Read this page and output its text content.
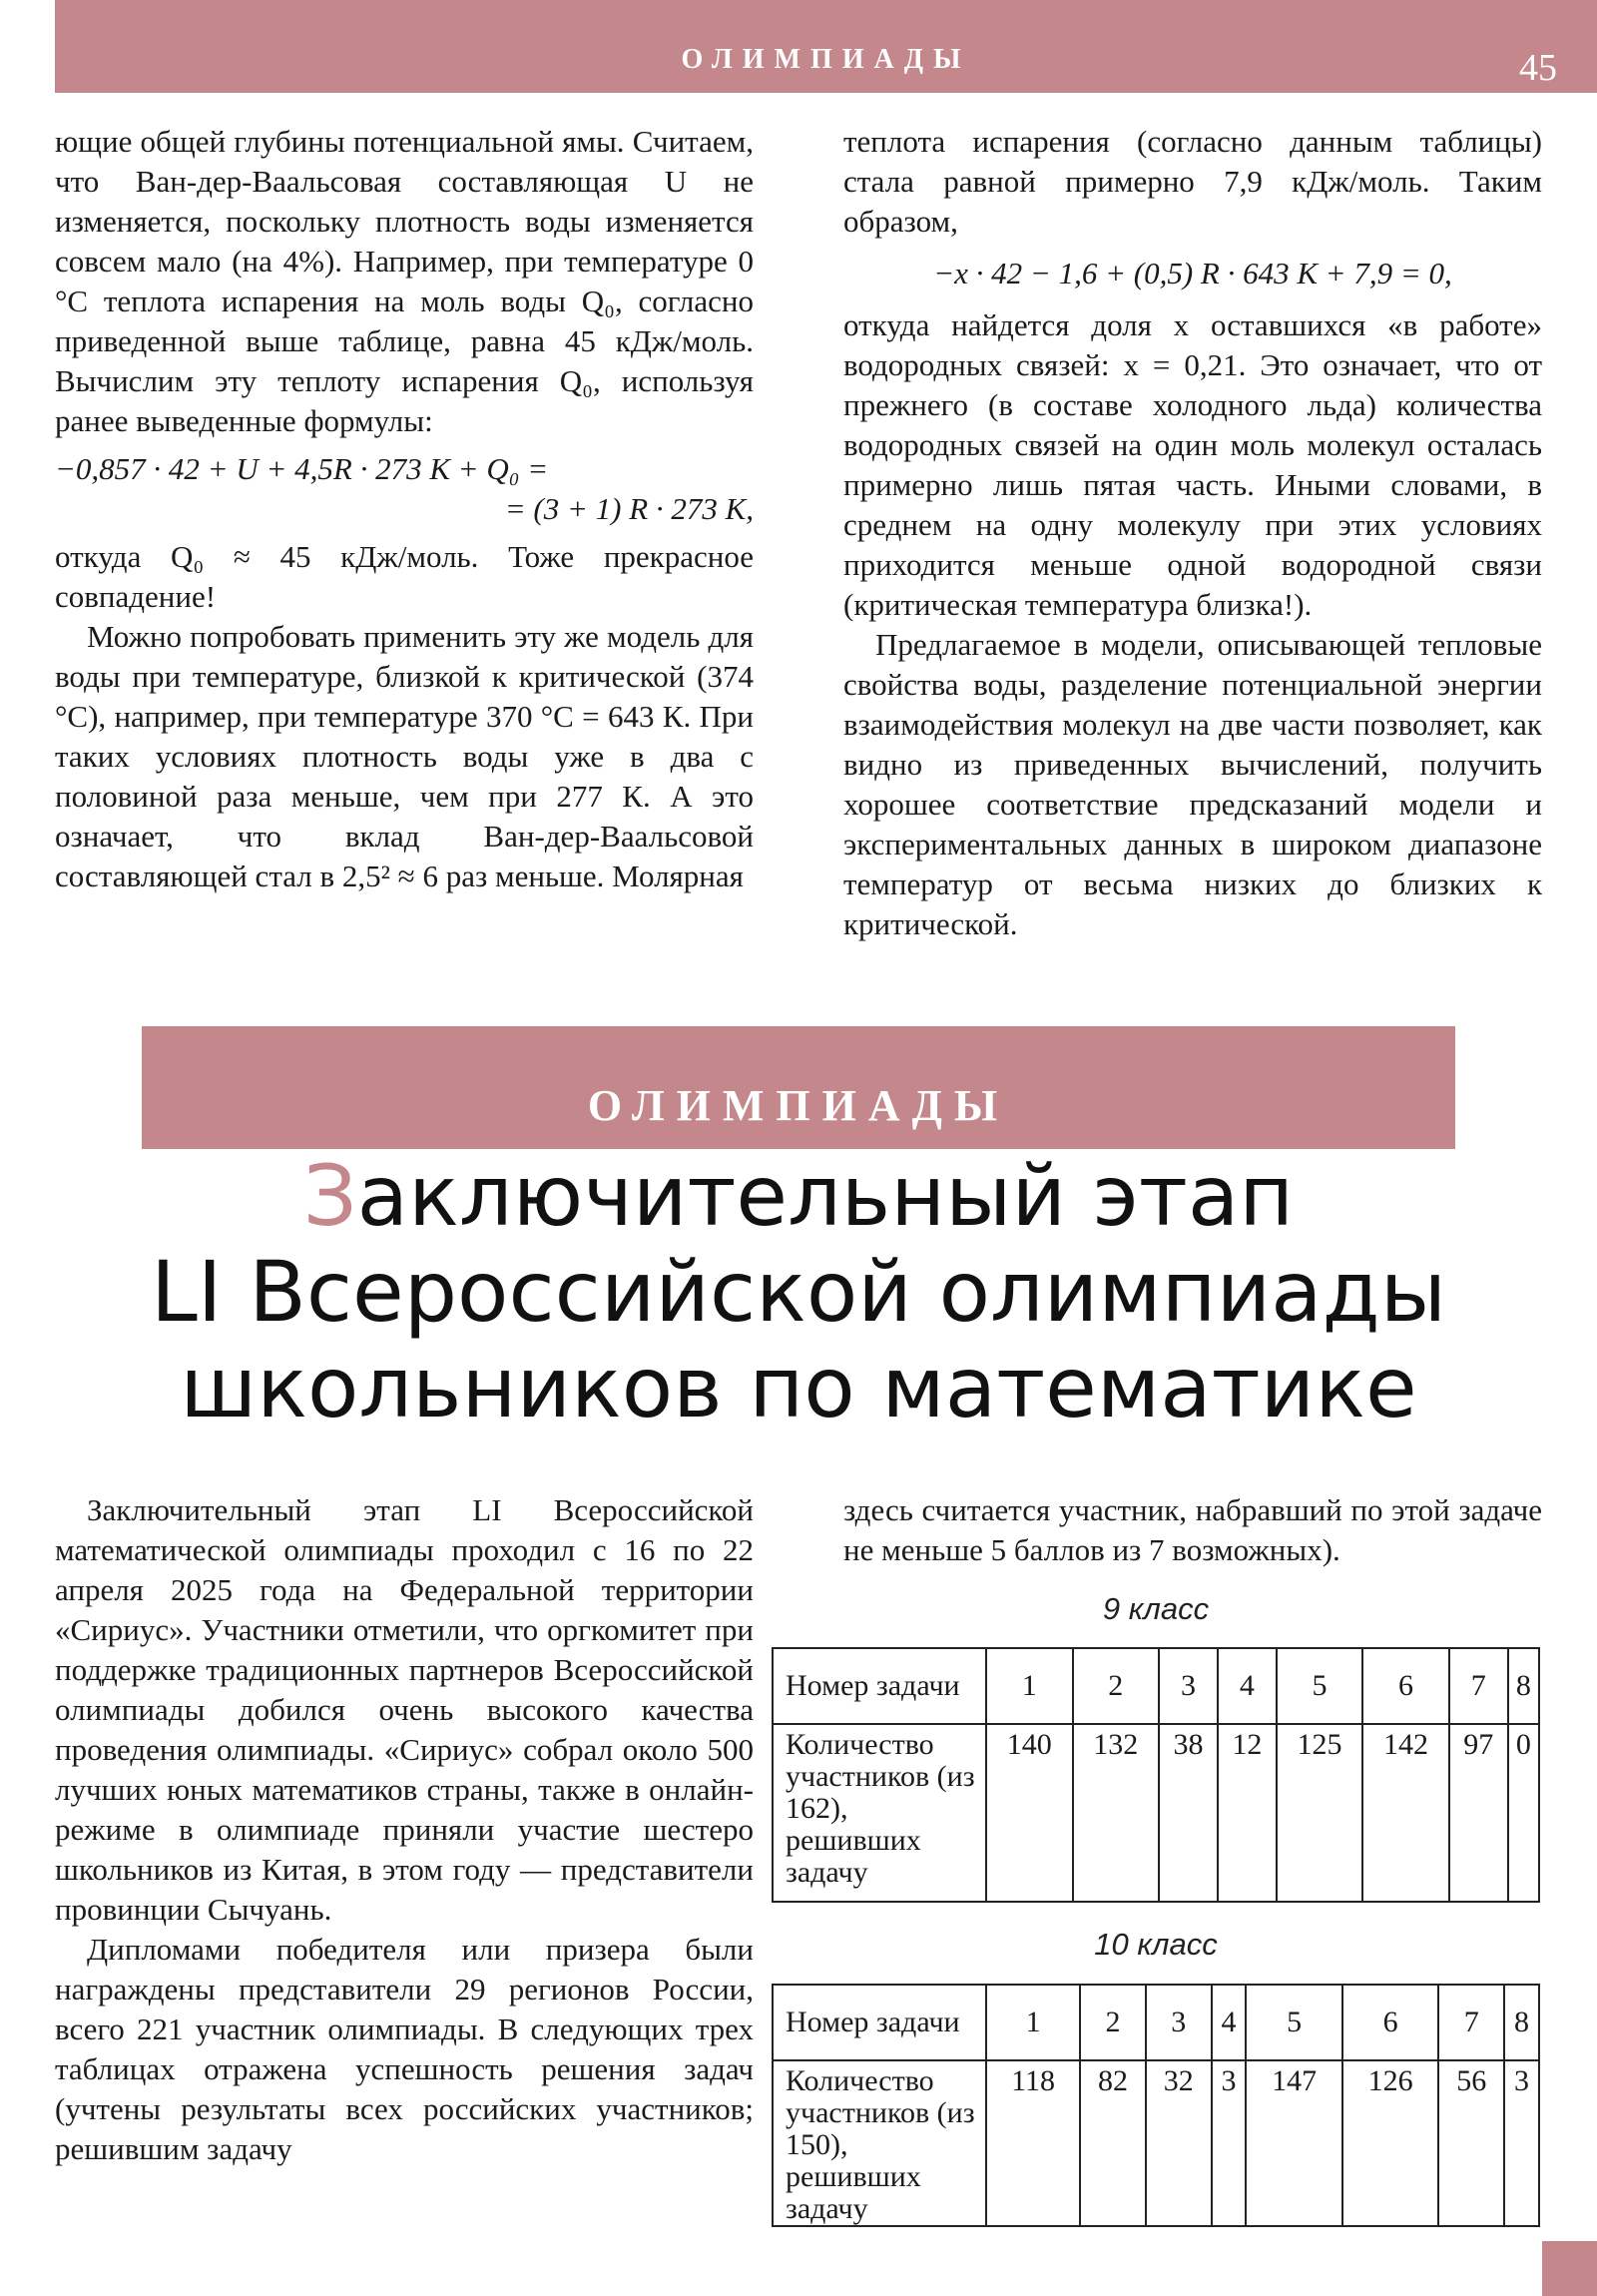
ОЛИМПИАДЫ	45

ющие общей глубины потенциальной ямы. Считаем, что Ван-дер-Ваальсовая составляющая U не изменяется, поскольку плотность воды изменяется совсем мало (на 4%). Например, при температуре 0 °С теплота испарения на моль воды Q₀, согласно приведенной выше таблице, равна 45 кДж/моль. Вычислим эту теплоту испарения Q₀, используя ранее выведенные формулы:

−0,857 · 42 + U + 4,5R · 273 К + Q₀ =
= (3 + 1) R · 273 К,

откуда Q₀ ≈ 45 кДж/моль. Тоже прекрасное совпадение!

Можно попробовать применить эту же модель для воды при температуре, близкой к критической (374 °С), например, при температуре 370 °С = 643 К. При таких условиях плотность воды уже в два с половиной раза меньше, чем при 277 К. А это означает, что вклад Ван-дер-Ваальсовой составляющей стал в 2,5² ≈ 6 раз меньше. Молярная

теплота испарения (согласно данным таблицы) стала равной примерно 7,9 кДж/моль. Таким образом,

−x · 42 − 1,6 + (0,5) R · 643 К + 7,9 = 0,

откуда найдется доля x оставшихся «в работе» водородных связей: x = 0,21. Это означает, что от прежнего (в составе холодного льда) количества водородных связей на один моль молекул осталась примерно лишь пятая часть. Иными словами, в среднем на одну молекулу при этих условиях приходится меньше одной водородной связи (критическая температура близка!).

Предлагаемое в модели, описывающей тепловые свойства воды, разделение потенциальной энергии взаимодействия молекул на две части позволяет, как видно из приведенных вычислений, получить хорошее соответствие предсказаний модели и экспериментальных данных в широком диапазоне температур от весьма низких до близких к критической.

ОЛИМПИАДЫ
Заключительный этап
LI Всероссийской олимпиады
школьников по математике

Заключительный этап LI Всероссийской математической олимпиады проходил с 16 по 22 апреля 2025 года на Федеральной территории «Сириус». Участники отметили, что оргкомитет при поддержке традиционных партнеров Всероссийской олимпиады добился очень высокого качества проведения олимпиады. «Сириус» собрал около 500 лучших юных математиков страны, также в онлайн-режиме в олимпиаде приняли участие шестеро школьников из Китая, в этом году — представители провинции Сычуань.

Дипломами победителя или призера были награждены представители 29 регионов России, всего 221 участник олимпиады. В следующих трех таблицах отражена успешность решения задач (учтены результаты всех российских участников; решившим задачу

здесь считается участник, набравший по этой задаче не меньше 5 баллов из 7 возможных).

9 класс
Номер задачи	1	2	3	4	5	6	7	8
Количество участников (из 162), решивших задачу	140	132	38	12	125	142	97	0
10 класс
Номер задачи	1	2	3	4	5	6	7	8
Количество участников (из 150), решивших задачу	118	82	32	3	147	126	56	3
